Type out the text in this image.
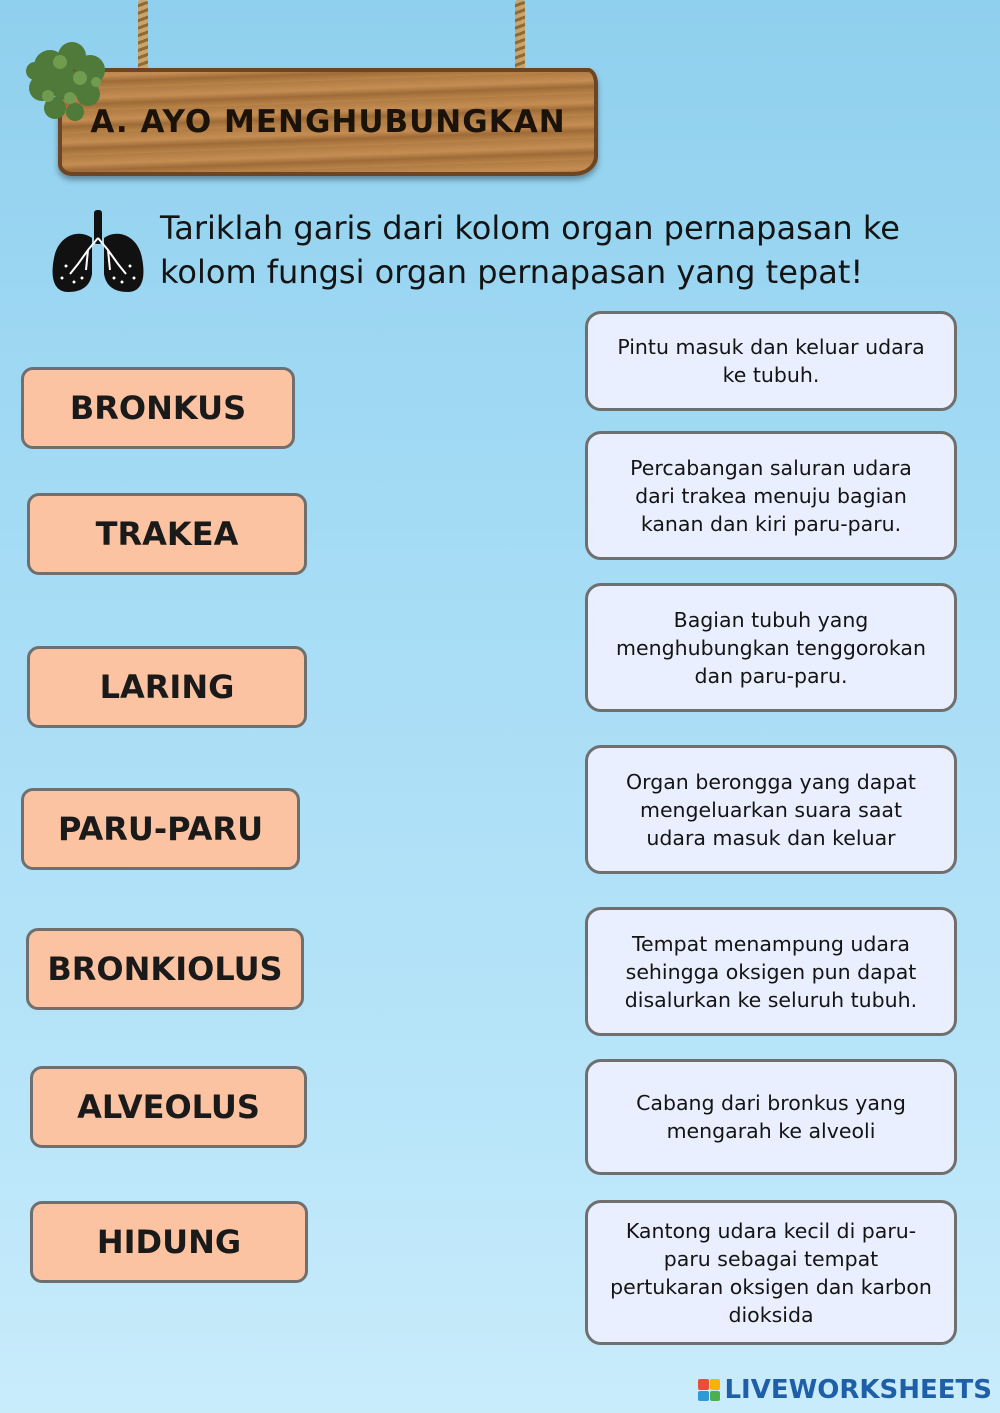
A. AYO MENGHUBUNGKAN
Tariklah garis dari kolom organ pernapasan ke
kolom fungsi organ pernapasan yang tepat!
BRONKUS
TRAKEA
LARING
PARU-PARU
BRONKIOLUS
ALVEOLUS
HIDUNG
Pintu masuk dan keluar udara ke tubuh.
Percabangan saluran udara dari trakea menuju bagian kanan dan kiri paru-paru.
Bagian tubuh yang menghubungkan tenggorokan dan paru-paru.
Organ berongga yang dapat mengeluarkan suara saat udara masuk dan keluar
Tempat menampung udara sehingga oksigen pun dapat disalurkan ke seluruh tubuh.
Cabang dari bronkus yang mengarah ke alveoli
Kantong udara kecil di paru-paru sebagai tempat pertukaran oksigen dan karbon dioksida
LIVEWORKSHEETS
